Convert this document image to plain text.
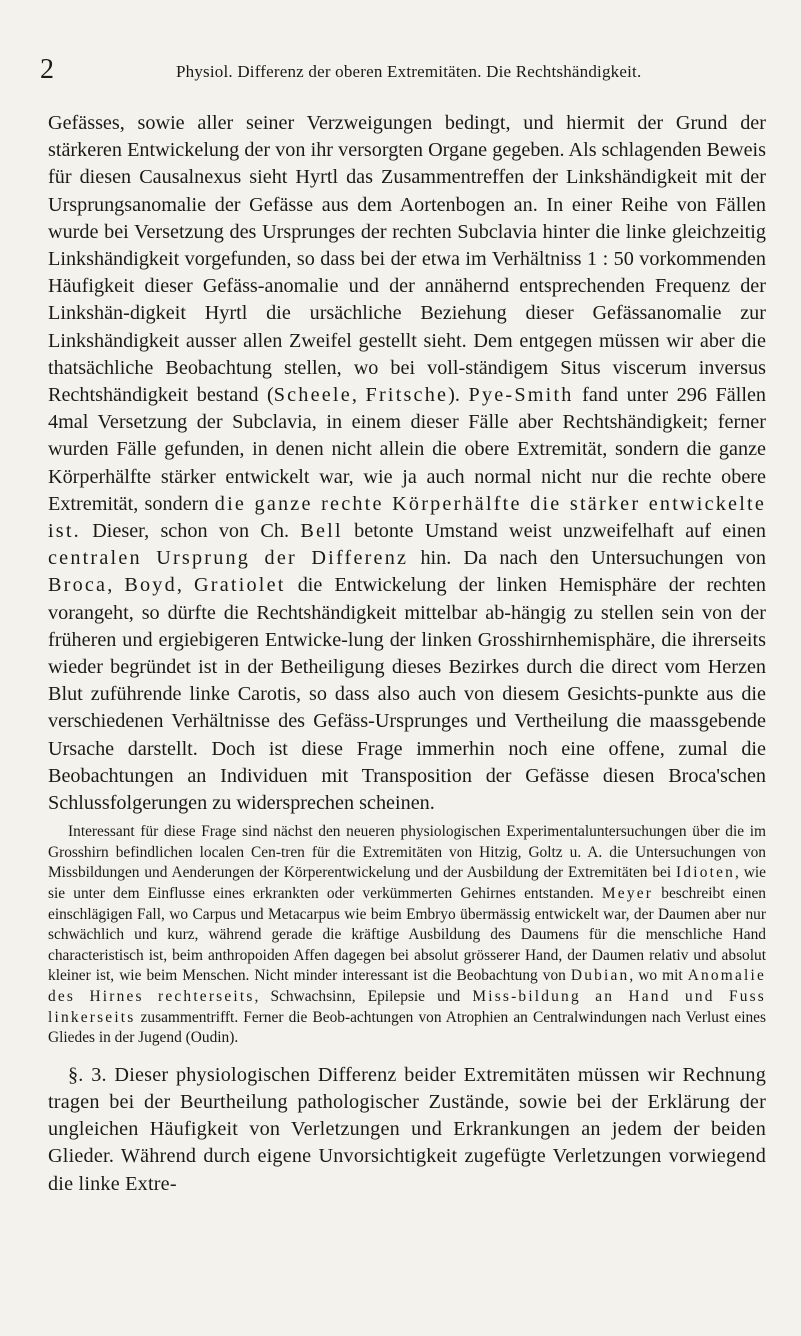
2	Physiol. Differenz der oberen Extremitäten. Die Rechtshändigkeit.

Gefässes, sowie aller seiner Verzweigungen bedingt, und hiermit der Grund der stärkeren Entwickelung der von ihr versorgten Organe gegeben. Als schlagenden Beweis für diesen Causalnexus sieht Hyrtl das Zusammentreffen der Linkshändigkeit mit der Ursprungsanomalie der Gefässe aus dem Aortenbogen an. In einer Reihe von Fällen wurde bei Versetzung des Ursprunges der rechten Subclavia hinter die linke gleichzeitig Linkshändigkeit vorgefunden, so dass bei der etwa im Verhältniss 1 : 50 vorkommenden Häufigkeit dieser Gefäss-anomalie und der annähernd entsprechenden Frequenz der Linkshän-digkeit Hyrtl die ursächliche Beziehung dieser Gefässanomalie zur Linkshändigkeit ausser allen Zweifel gestellt sieht. Dem entgegen müssen wir aber die thatsächliche Beobachtung stellen, wo bei voll-ständigem Situs viscerum inversus Rechtshändigkeit bestand (Scheele, Fritsche). Pye-Smith fand unter 296 Fällen 4mal Versetzung der Subclavia, in einem dieser Fälle aber Rechtshändigkeit; ferner wurden Fälle gefunden, in denen nicht allein die obere Extremität, sondern die ganze Körperhälfte stärker entwickelt war, wie ja auch normal nicht nur die rechte obere Extremität, sondern die ganze rechte Körperhälfte die stärker entwickelte ist. Dieser, schon von Ch. Bell betonte Umstand weist unzweifelhaft auf einen centralen Ursprung der Differenz hin. Da nach den Untersuchungen von Broca, Boyd, Gratiolet die Entwickelung der linken Hemisphäre der rechten vorangeht, so dürfte die Rechtshändigkeit mittelbar ab-hängig zu stellen sein von der früheren und ergiebigeren Entwicke-lung der linken Grosshirnhemisphäre, die ihrerseits wieder begründet ist in der Betheiligung dieses Bezirkes durch die direct vom Herzen Blut zuführende linke Carotis, so dass also auch von diesem Gesichts-punkte aus die verschiedenen Verhältnisse des Gefäss-Ursprunges und Vertheilung die maassgebende Ursache darstellt. Doch ist diese Frage immerhin noch eine offene, zumal die Beobachtungen an Individuen mit Transposition der Gefässe diesen Broca'schen Schlussfolgerungen zu widersprechen scheinen.

Interessant für diese Frage sind nächst den neueren physiologischen Experimentaluntersuchungen über die im Grosshirn befindlichen localen Cen-tren für die Extremitäten von Hitzig, Goltz u. A. die Untersuchungen von Missbildungen und Aenderungen der Körperentwickelung und der Ausbildung der Extremitäten bei Idioten, wie sie unter dem Einflusse eines erkrankten oder verkümmerten Gehirnes entstanden. Meyer beschreibt einen einschlägigen Fall, wo Carpus und Metacarpus wie beim Embryo übermässig entwickelt war, der Daumen aber nur schwächlich und kurz, während gerade die kräftige Ausbildung des Daumens für die menschliche Hand characteristisch ist, beim anthropoiden Affen dagegen bei absolut grösserer Hand, der Daumen relativ und absolut kleiner ist, wie beim Menschen. Nicht minder interessant ist die Beobachtung von Dubian, wo mit Anomalie des Hirnes rechterseits, Schwachsinn, Epilepsie und Miss-bildung an Hand und Fuss linkerseits zusammentrifft. Ferner die Beob-achtungen von Atrophien an Centralwindungen nach Verlust eines Gliedes in der Jugend (Oudin).

§. 3. Dieser physiologischen Differenz beider Extremitäten müssen wir Rechnung tragen bei der Beurtheilung pathologischer Zustände, sowie bei der Erklärung der ungleichen Häufigkeit von Verletzungen und Erkrankungen an jedem der beiden Glieder. Während durch eigene Unvorsichtigkeit zugefügte Verletzungen vorwiegend die linke Extre-
